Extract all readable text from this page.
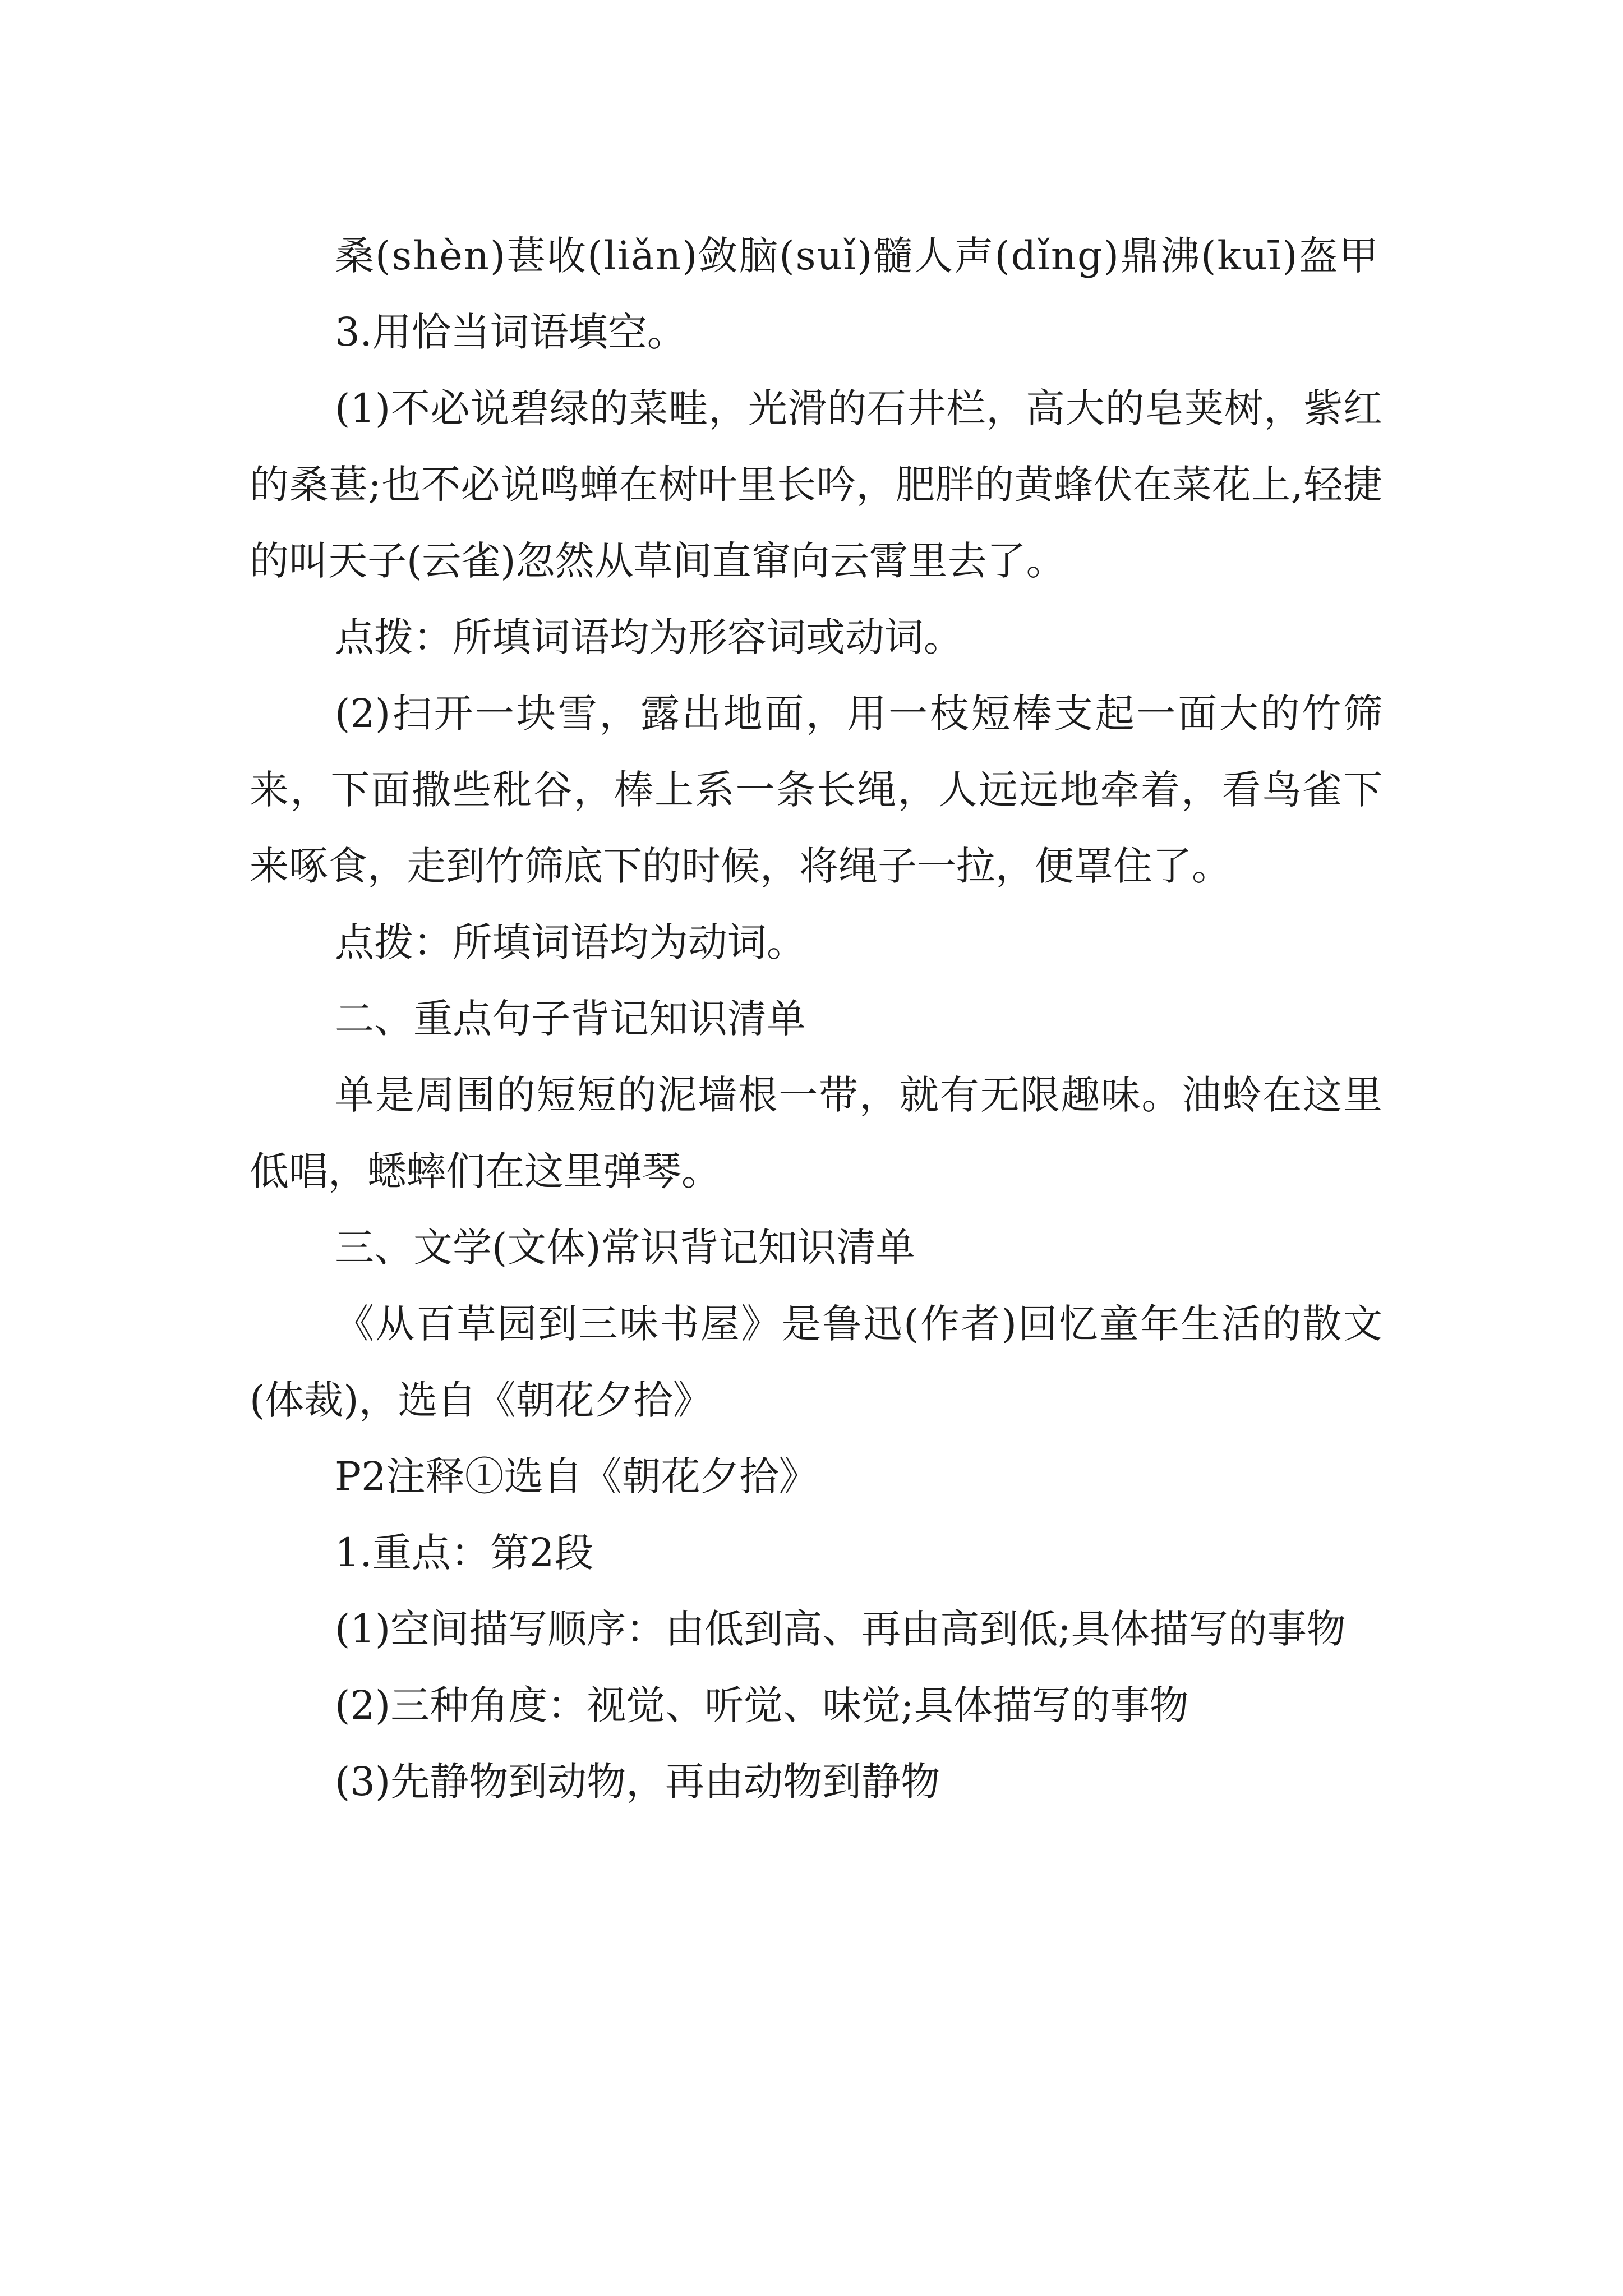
桑(shèn)葚收(liǎn)敛脑(suǐ)髓人声(dǐng)鼎沸(kuī)盔甲

3.用恰当词语填空。

(1)不必说碧绿的菜畦，光滑的石井栏，高大的皂荚树，紫红的桑葚;也不必说鸣蝉在树叶里长吟，肥胖的黄蜂伏在菜花上,轻捷的叫天子(云雀)忽然从草间直窜向云霄里去了。

点拨：所填词语均为形容词或动词。

(2)扫开一块雪，露出地面，用一枝短棒支起一面大的竹筛来，下面撒些秕谷，棒上系一条长绳，人远远地牵着，看鸟雀下来啄食，走到竹筛底下的时候，将绳子一拉，便罩住了。

点拨：所填词语均为动词。

二、重点句子背记知识清单

单是周围的短短的泥墙根一带，就有无限趣味。油蛉在这里低唱，蟋蟀们在这里弹琴。

三、文学(文体)常识背记知识清单

《从百草园到三味书屋》是鲁迅(作者)回忆童年生活的散文(体裁)，选自《朝花夕拾》

P2注释①选自《朝花夕拾》

1.重点：第2段

(1)空间描写顺序：由低到高、再由高到低;具体描写的事物

(2)三种角度：视觉、听觉、味觉;具体描写的事物

(3)先静物到动物，再由动物到静物
